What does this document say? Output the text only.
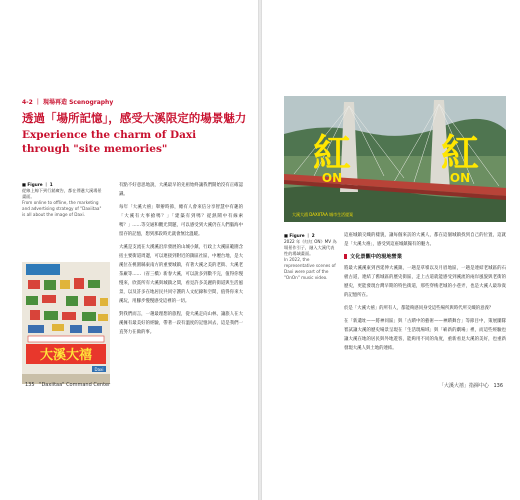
4-2 ｜ 現場再造 Scenography
透過「場所記憶」，感受大溪限定的場景魅力
Experience the charm of Daxi through "site memories"
■ Figure ｜ 1
從線上線下到行銷廣告，都在傳遞大溪場景畫面。
From online to offline, the marketing and advertising strategy of "Daxiitaa" is all about the image of Daxi.
大溪大禧
Daxi

有點不好意思地說，大溪最早的先祖始終讓我們開始沒有正確認識。

每年「大溪大禧」舉辦時節，總有人會來信分享智慧中有趣的「大溪有大事搶嗎？」「建築有到嗎？從熱鬧中有線索嗎？」……等交通和觀光問題，可以感受到大溪仍在人們腦海中留存的記憶，想到那段時光就會無比溫暖。

大溪是支流在大漢溪沿岸發展的山城小鎮，行政上大溪區範圍含括主要街道周邊，可以連接到附近的鎮區社區，中壢台地，是大溪位在桃園縣東南方的重要城鎮，有著大溪之美的老街、大溪老茶廠等……（省三橋）新春大溪，可以說多到數不完，值得你慢慢來，欣賞所有大溪與城鎮之間，看見許多美麗的街道與生活風景，以及許多在地居民共同守護的人文紀錄和空間，值得你來大溪玩，用腳步慢慢感受這裡的一切。

對我們而言，一趟最理想的旅程，從大溪走向山林，讓旅人在大溪擁有最美好的經驗，帶著一段有溫度的記憶回去，這是我們一直努力在做的事。

135 "Daxiitaa" Command Center
紅 紅
ON	ON
大溪大禧 DAXIITAA 城市生活提案
■ Figure ｜ 2
2022 年《紅紅 ON》MV 為場景作引子，融入大溪代表性的場域畫面。
In 2022, the representative scenes of Daxi were part of the "OnOn" music video.

這座城鎮交織的樣貌，讓每個來訪的大溪人，都在這個城鎮找到自己的位置，這就是「大溪大禧」，感受到這座城鎮獨有的魅力。

文化景觀中的現地營業

將最大溪溪東到西延伸大溪鎮，一趟是草嶺以及月眉地區，一趟是連結老城區的石板古道，連結了舊城區的歷史街區，走上古道就能感受到溪流的兩岸風貌與老街的歷史，更能發現台灣早期的特色街道，那些穿梭老城的小巷弄，也是大溪人最珍貴的記憶所在。

於是「大溪大禧」的所有人，都能夠感同身受這些場所與時代所交織的意義？

在「新遺址——將神同區」與「古蹟中的藝術——神蹟舞台」等節目中，策展團隊嘗試讓大溪的歷史場景呈現在「生活現場域」與「嶄新的劇場」裡，而這些經驗也讓大溪在地的居民與外地遊客，能夠用不同的角度，重新看見大溪的美好，也重新發現大溪人與土地的連結。

「大溪大禧」指揮中心 136
